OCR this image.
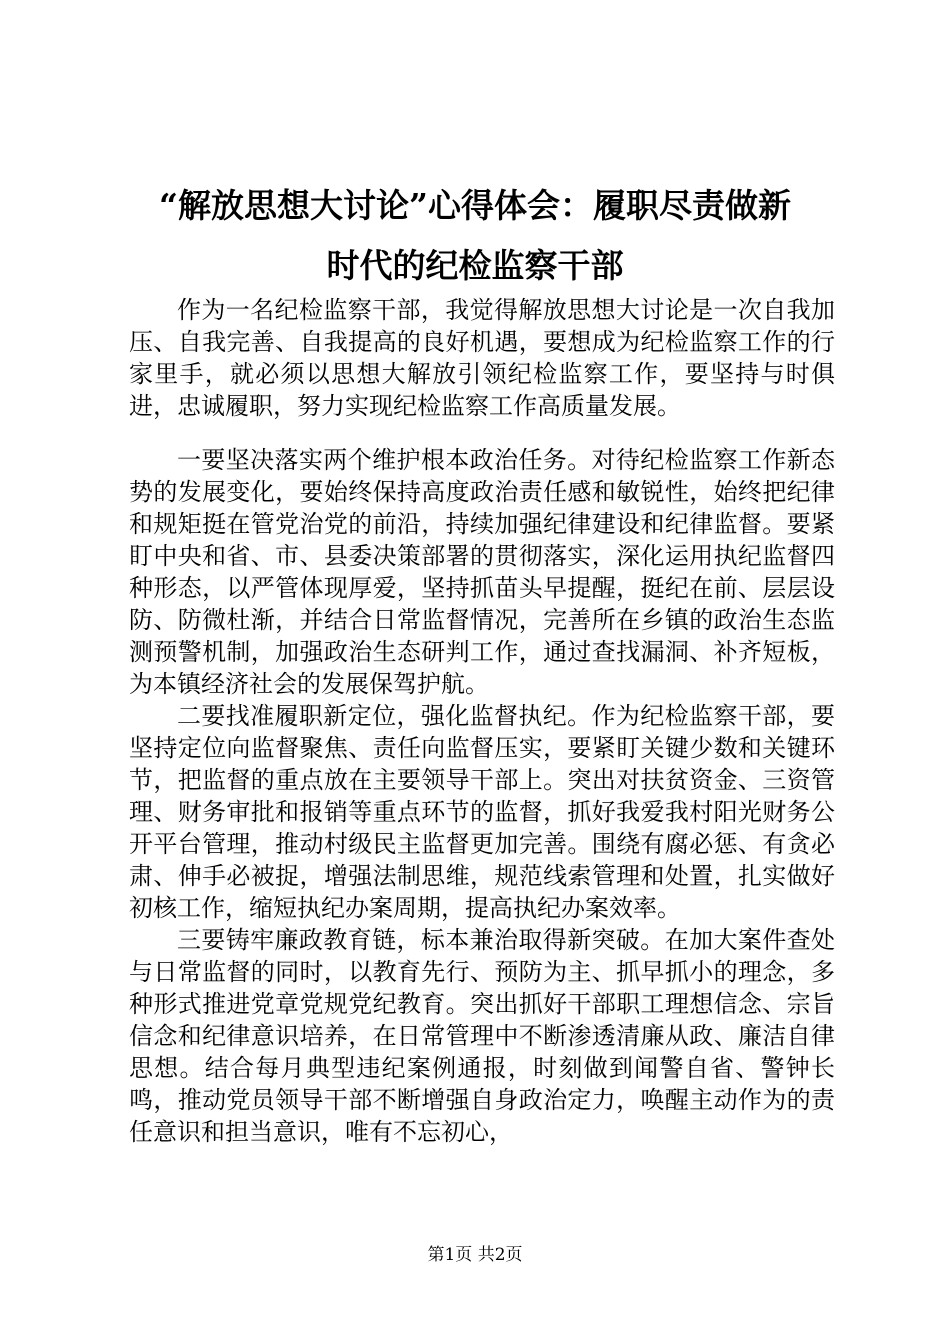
“解放思想大讨论”心得体会：履职尽责做新
时代的纪检监察干部

作为一名纪检监察干部，我觉得解放思想大讨论是一次自我加压、自我完善、自我提高的良好机遇，要想成为纪检监察工作的行家里手，就必须以思想大解放引领纪检监察工作，要坚持与时俱进，忠诚履职，努力实现纪检监察工作高质量发展。

一要坚决落实两个维护根本政治任务。对待纪检监察工作新态势的发展变化，要始终保持高度政治责任感和敏锐性，始终把纪律和规矩挺在管党治党的前沿，持续加强纪律建设和纪律监督。要紧盯中央和省、市、县委决策部署的贯彻落实，深化运用执纪监督四种形态，以严管体现厚爱，坚持抓苗头早提醒，挺纪在前、层层设防、防微杜渐，并结合日常监督情况，完善所在乡镇的政治生态监测预警机制，加强政治生态研判工作，通过查找漏洞、补齐短板，为本镇经济社会的发展保驾护航。

二要找准履职新定位，强化监督执纪。作为纪检监察干部，要坚持定位向监督聚焦、责任向监督压实，要紧盯关键少数和关键环节，把监督的重点放在主要领导干部上。突出对扶贫资金、三资管理、财务审批和报销等重点环节的监督，抓好我爱我村阳光财务公开平台管理，推动村级民主监督更加完善。围绕有腐必惩、有贪必肃、伸手必被捉，增强法制思维，规范线索管理和处置，扎实做好初核工作，缩短执纪办案周期，提高执纪办案效率。

三要铸牢廉政教育链，标本兼治取得新突破。在加大案件查处与日常监督的同时，以教育先行、预防为主、抓早抓小的理念，多种形式推进党章党规党纪教育。突出抓好干部职工理想信念、宗旨信念和纪律意识培养，在日常管理中不断渗透清廉从政、廉洁自律思想。结合每月典型违纪案例通报，时刻做到闻警自省、警钟长鸣，推动党员领导干部不断增强自身政治定力，唤醒主动作为的责任意识和担当意识，唯有不忘初心，

第1页 共2页
